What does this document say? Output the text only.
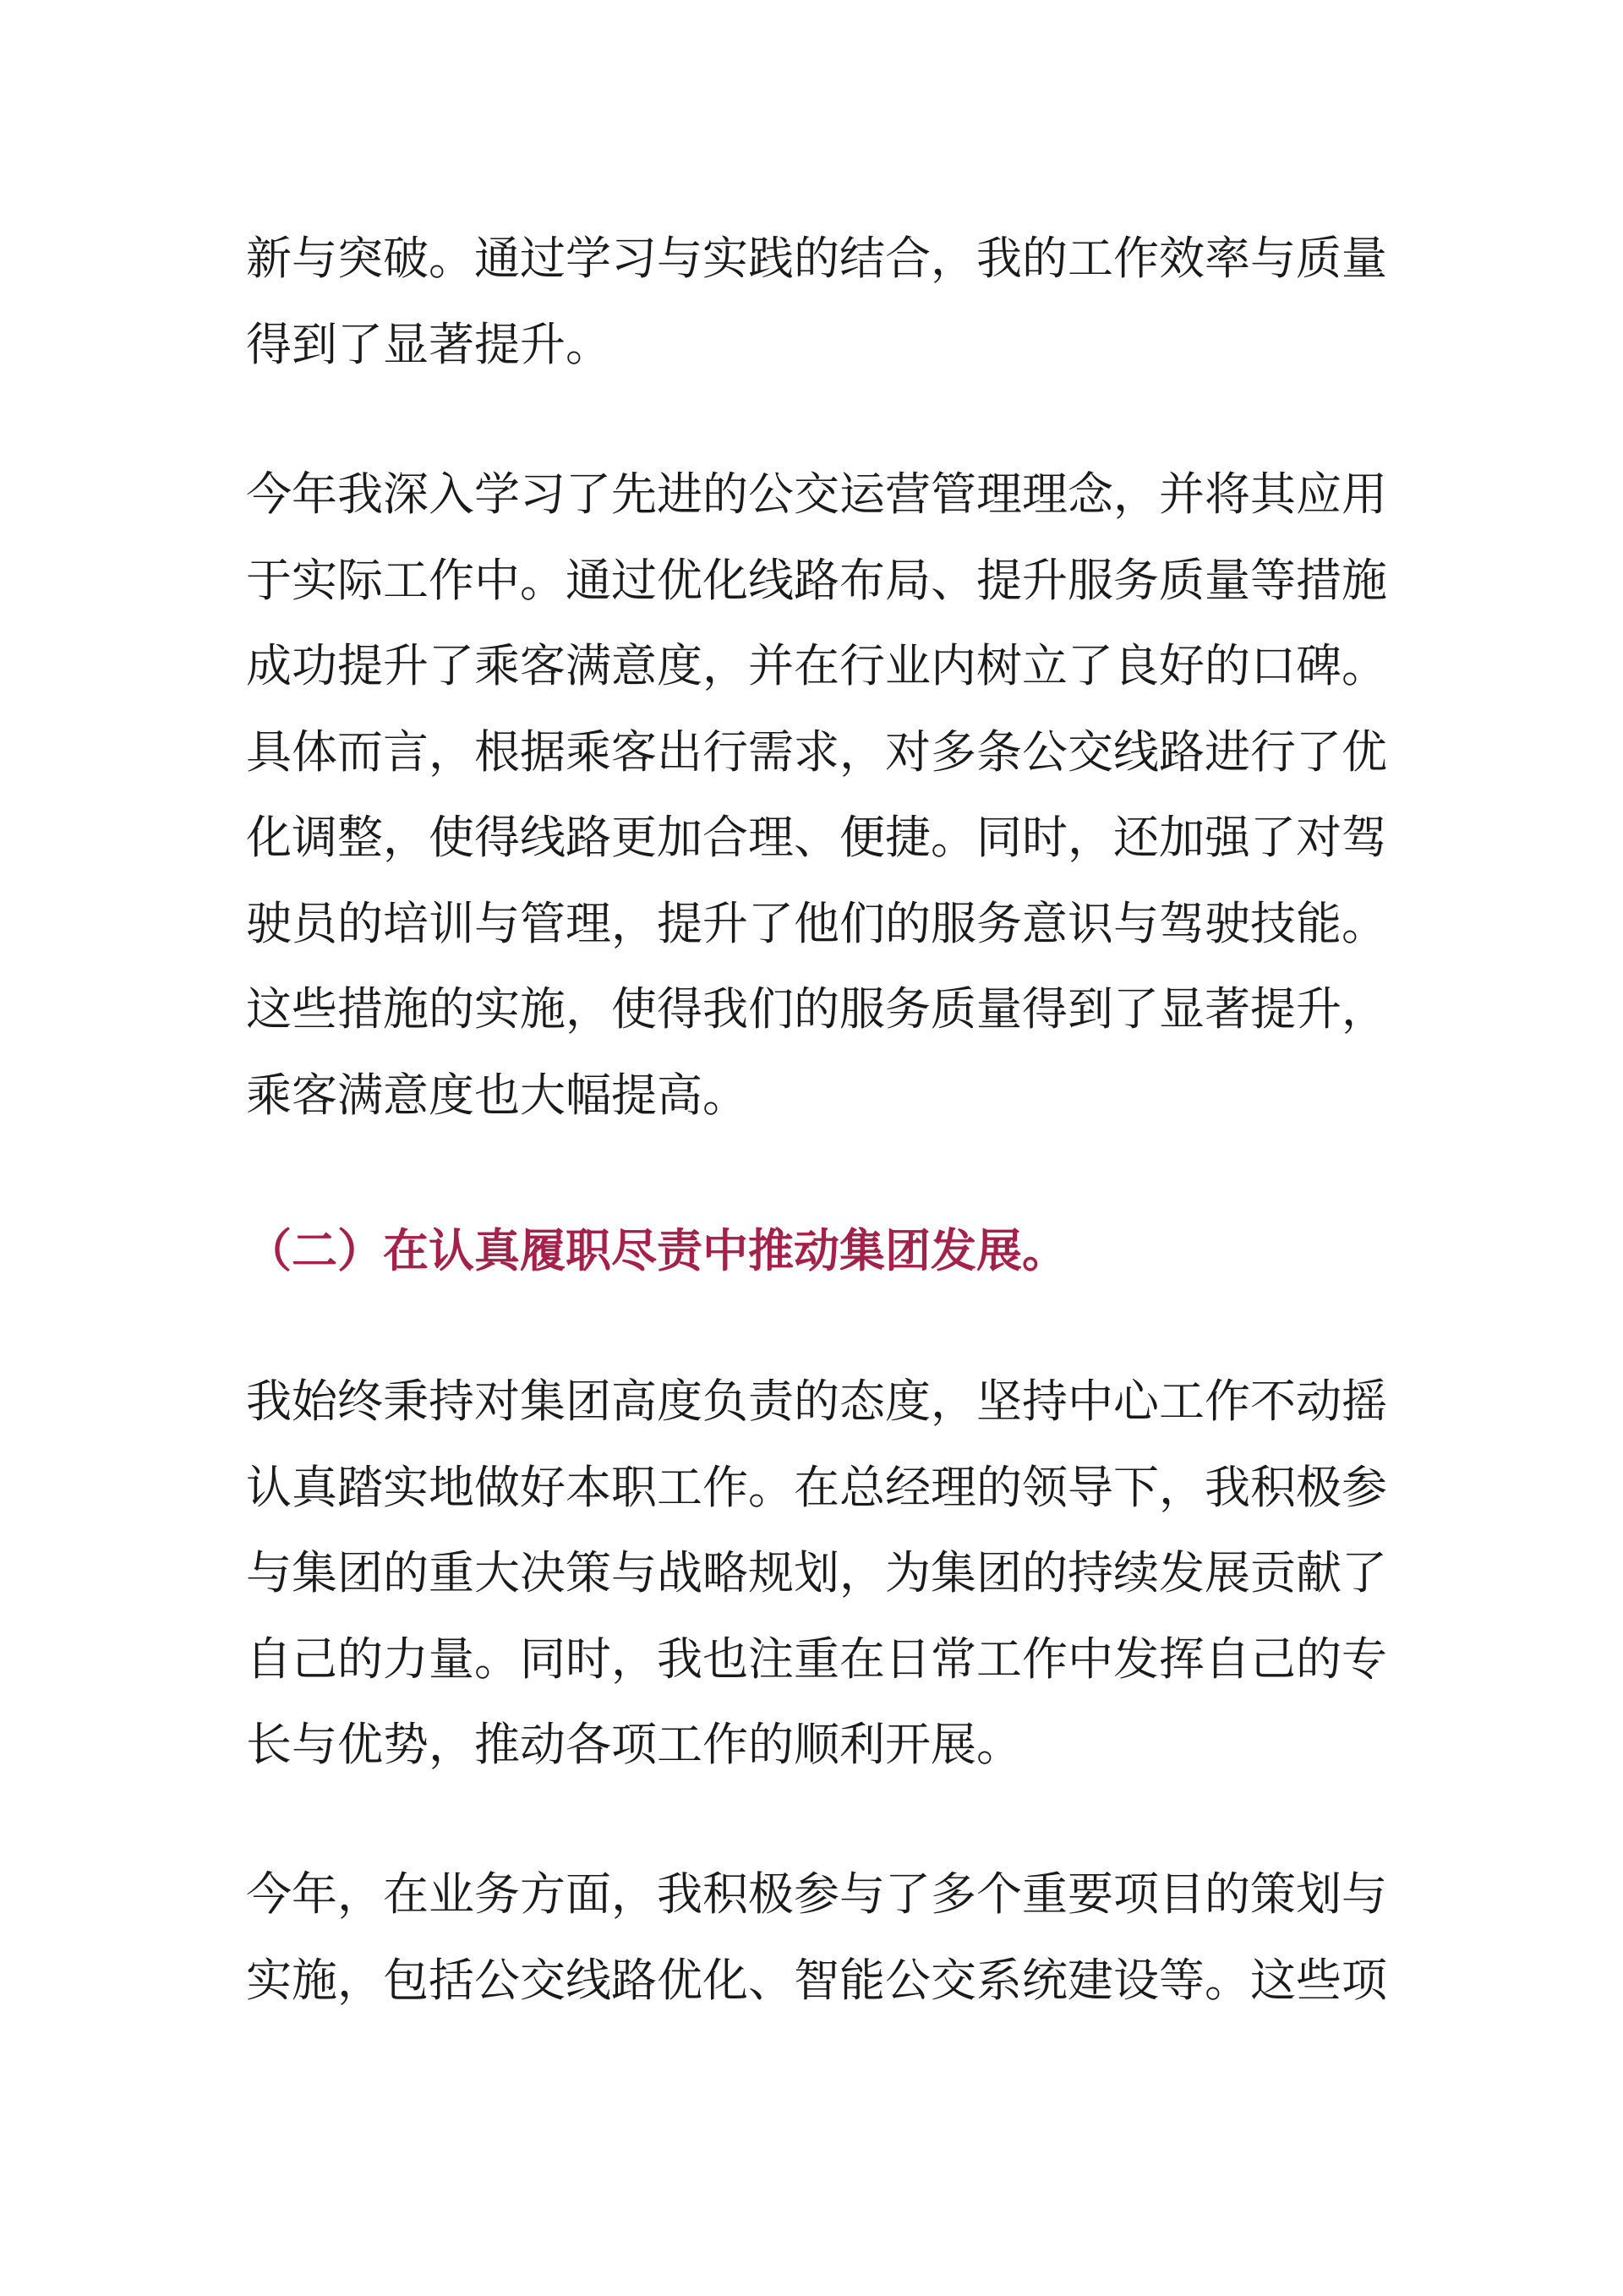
新与突破。通过学习与实践的结合，我的工作效率与质量
得到了显著提升。
今年我深入学习了先进的公交运营管理理念，并将其应用
于实际工作中。通过优化线路布局、提升服务质量等措施
成功提升了乘客满意度，并在行业内树立了良好的口碑。
具体而言，根据乘客出行需求，对多条公交线路进行了优
化调整，使得线路更加合理、便捷。同时，还加强了对驾
驶员的培训与管理，提升了他们的服务意识与驾驶技能。
这些措施的实施，使得我们的服务质量得到了显著提升，
乘客满意度也大幅提高。
（二）在认真履职尽责中推动集团发展。
我始终秉持对集团高度负责的态度，坚持中心工作不动摇
认真踏实地做好本职工作。在总经理的领导下，我积极参
与集团的重大决策与战略规划，为集团的持续发展贡献了
自己的力量。同时，我也注重在日常工作中发挥自己的专
长与优势，推动各项工作的顺利开展。
今年，在业务方面，我积极参与了多个重要项目的策划与
实施，包括公交线路优化、智能公交系统建设等。这些项
